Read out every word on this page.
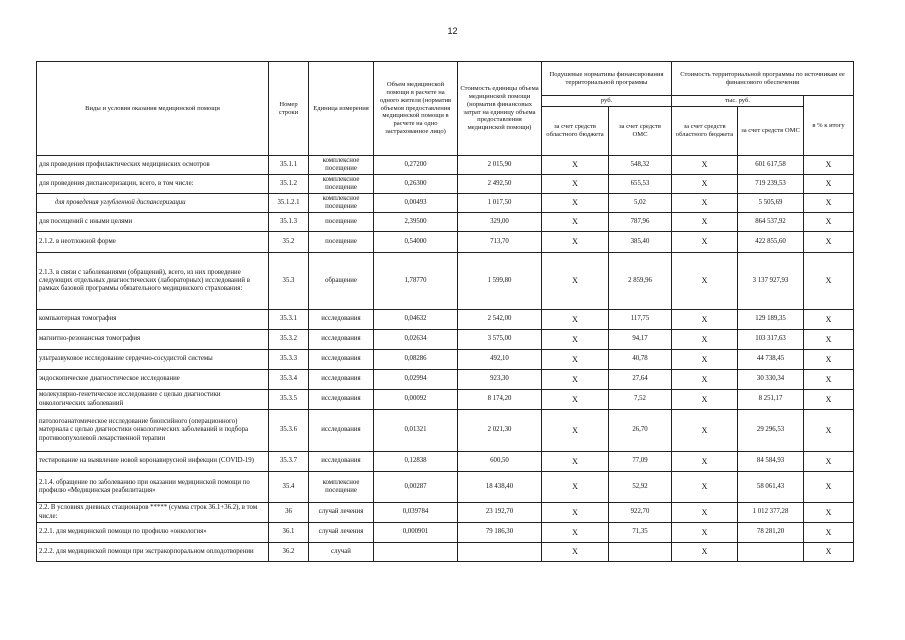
12
Виды и условия оказания медицинской помощи	Номер строки	Единица измерения	Объем медицинской помощи в расчете на одного жителя (норматив объемов предоставления медицинской помощи в расчете на одно застрахованное лицо)	Стоимость единицы объема медицинской помощи (норматив финансовых затрат на единицу объема предоставления медицинской помощи)	Подушевые нормативы финансирования территориальной программы		Стоимость территориальной программы по источникам ее финансового обеспечения		
					руб.		тыс. руб.		в % к итогу
					за счет средств областного бюджета	за счет средств ОМС	за счет средств областного бюджета	за счет средств ОМС	
для проведения профилактических медицинских осмотров	35.1.1	комплексное посещение	0,27200	2 015,90	X	548,32	X	601 617,58	X
для проведения диспансеризации, всего, в том числе:	35.1.2	комплексное посещение	0,26300	2 492,50	X	655,53	X	719 239,53	X
для проведения углубленной диспансеризации	35.1.2.1	комплексное посещение	0,00493	1 017,50	X	5,02	X	5 505,69	X
для посещений с иными целями	35.1.3	посещение	2,39500	329,00	X	787,96	X	864 537,92	X
2.1.2. в неотложной форме	35.2	посещение	0,54000	713,70	X	385,40	X	422 855,60	X
2.1.3. в связи с заболеваниями (обращений), всего, из них проведение следующих отдельных диагностических (лабораторных) исследований в рамках базовой программы обязательного медицинского страхования:	35.3	обращение	1,78770	1 599,80	X	2 859,96	X	3 137 927,93	X
компьютерная томография	35.3.1	исследования	0,04632	2 542,00	X	117,75	X	129 189,35	X
магнитно-резонансная томография	35.3.2	исследования	0,02634	3 575,00	X	94,17	X	103 317,63	X
ультразвуковое исследование сердечно-сосудистой системы	35.3.3	исследования	0,08286	492,10	X	40,78	X	44 738,45	X
эндоскопическое диагностическое исследование	35.3.4	исследования	0,02994	923,30	X	27,64	X	30 330,34	X
молекулярно-генетическое исследование с целью диагностики онкологических заболеваний	35.3.5	исследования	0,00092	8 174,20	X	7,52	X	8 251,17	X
патологоанатомическое исследование биопсийного (операционного) материала с целью диагностики онкологических заболеваний и подбора противоопухолевой лекарственной терапии	35.3.6	исследования	0,01321	2 021,30	X	26,70	X	29 296,53	X
тестирование на выявление новой коронавирусной инфекции (COVID-19)	35.3.7	исследования	0,12838	600,50	X	77,09	X	84 584,93	X
2.1.4. обращение по заболеванию при оказании медицинской помощи по профилю «Медицинская реабилитация»	35.4	комплексное посещение	0,00287	18 438,40	X	52,92	X	58 061,43	X
2.2. В условиях дневных стационаров ***** (сумма строк 36.1+36.2), в том числе:	36	случай лечения	0,039784	23 192,70	X	922,70	X	1 012 377,28	X
2.2.1. для медицинской помощи по профилю «онкология»	36.1	случай лечения	0,000901	79 186,30	X	71,35	X	78 281,20	X
2.2.2. для медицинской помощи при экстракорпоральном оплодотворении	36.2	случай			X		X		X
